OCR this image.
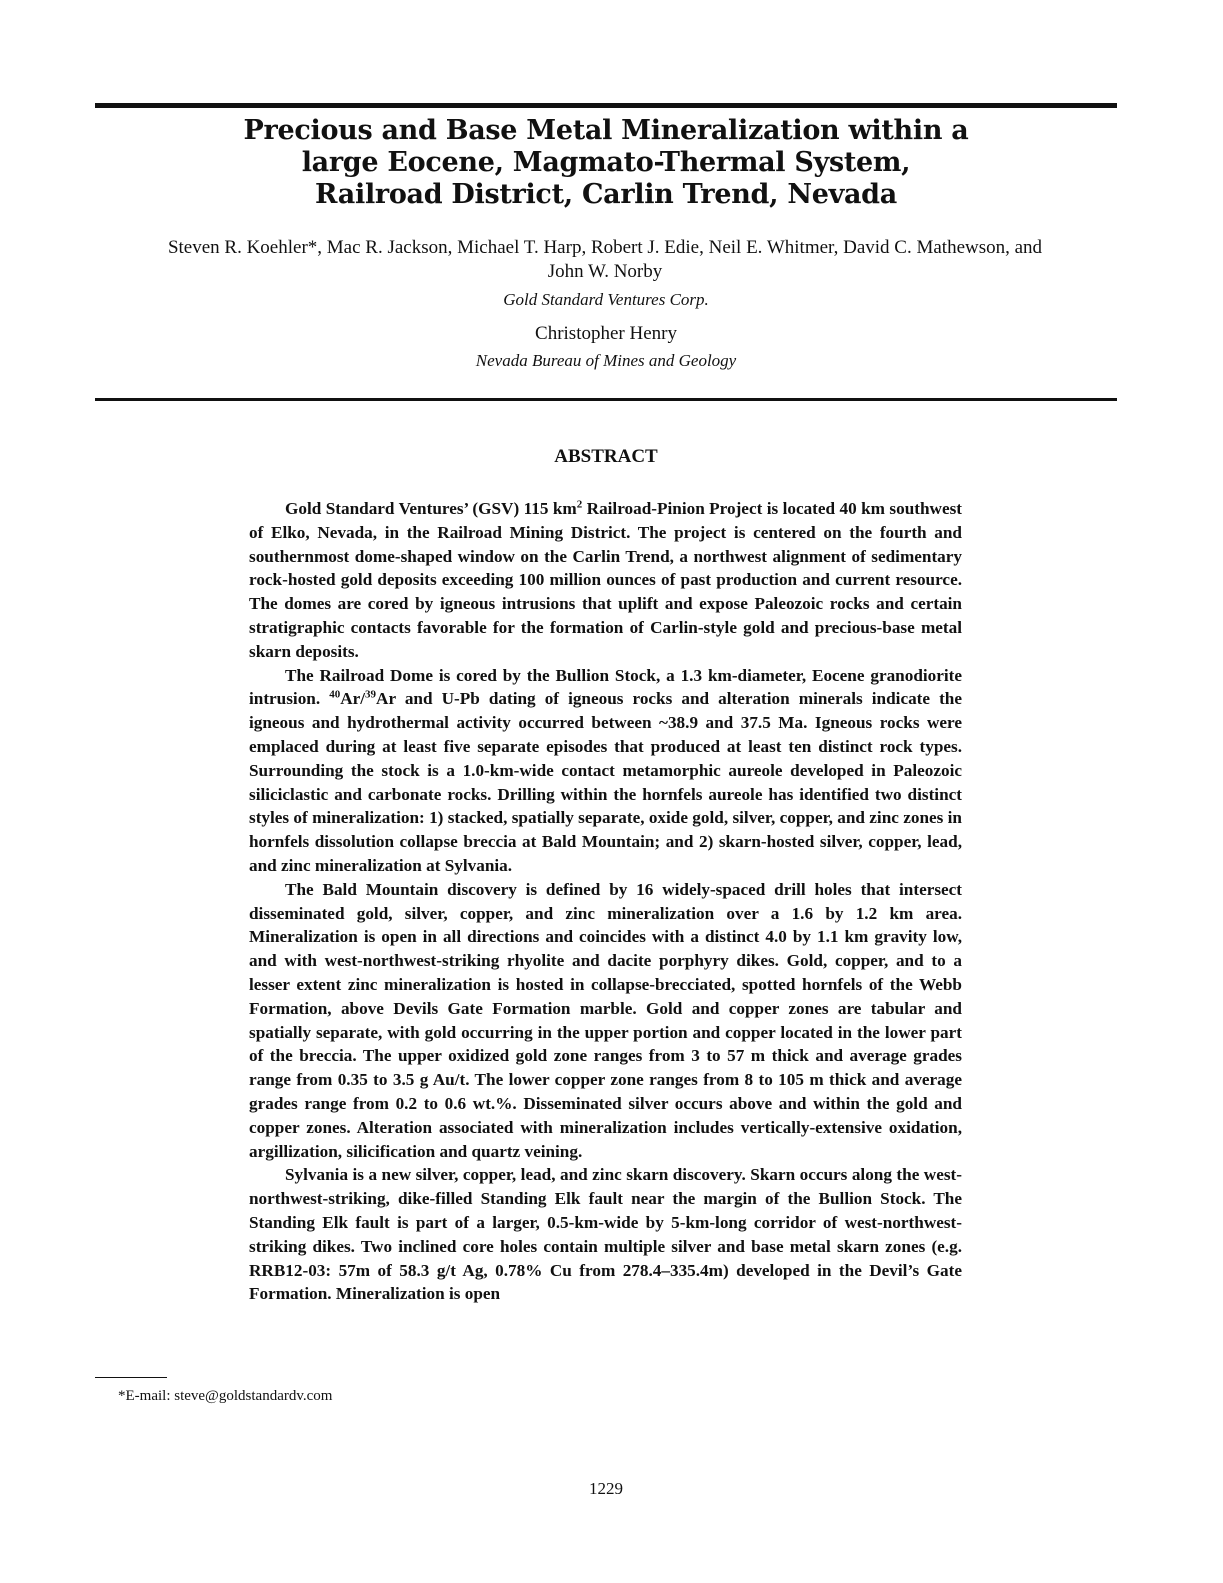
Precious and Base Metal Mineralization within a
large Eocene, Magmato-Thermal System,
Railroad District, Carlin Trend, Nevada

Steven R. Koehler*, Mac R. Jackson, Michael T. Harp, Robert J. Edie, Neil E. Whitmer, David C. Mathewson, and John W. Norby

Gold Standard Ventures Corp.

Christopher Henry

Nevada Bureau of Mines and Geology

ABSTRACT

Gold Standard Ventures’ (GSV) 115 $km^2$ Railroad-Pinion Project is located 40 km southwest of Elko, Nevada, in the Railroad Mining District. The project is centered on the fourth and southernmost dome-shaped window on the Carlin Trend, a northwest alignment of sedimentary rock-hosted gold deposits exceeding 100 million ounces of past production and current resource. The domes are cored by igneous intrusions that uplift and expose Paleozoic rocks and certain stratigraphic contacts favorable for the formation of Carlin-style gold and precious-base metal skarn deposits.

The Railroad Dome is cored by the Bullion Stock, a 1.3 km-diameter, Eocene granodiorite intrusion. $^{40}$Ar/$^{39}$Ar and U-Pb dating of igneous rocks and alteration minerals indicate the igneous and hydrothermal activity occurred between ~38.9 and 37.5 Ma. Igneous rocks were emplaced during at least five separate episodes that produced at least ten distinct rock types. Surrounding the stock is a 1.0-km-wide contact metamorphic aureole developed in Paleozoic siliciclastic and carbonate rocks. Drilling within the hornfels aureole has identified two distinct styles of mineralization: 1) stacked, spatially separate, oxide gold, silver, copper, and zinc zones in hornfels dissolution collapse breccia at Bald Mountain; and 2) skarn-hosted silver, copper, lead, and zinc mineralization at Sylvania.

The Bald Mountain discovery is defined by 16 widely-spaced drill holes that intersect disseminated gold, silver, copper, and zinc mineralization over a 1.6 by 1.2 km area. Mineralization is open in all directions and coincides with a distinct 4.0 by 1.1 km gravity low, and with west-northwest-striking rhyolite and dacite porphyry dikes. Gold, copper, and to a lesser extent zinc mineralization is hosted in collapse-brecciated, spotted hornfels of the Webb Formation, above Devils Gate Formation marble. Gold and copper zones are tabular and spatially separate, with gold occurring in the upper portion and copper located in the lower part of the breccia. The upper oxidized gold zone ranges from 3 to 57 m thick and average grades range from 0.35 to 3.5 g Au/t. The lower copper zone ranges from 8 to 105 m thick and average grades range from 0.2 to 0.6 wt.%. Disseminated silver occurs above and within the gold and copper zones. Alteration associated with mineralization includes vertically-extensive oxidation, argillization, silicification and quartz veining.

Sylvania is a new silver, copper, lead, and zinc skarn discovery. Skarn occurs along the west-northwest-striking, dike-filled Standing Elk fault near the margin of the Bullion Stock. The Standing Elk fault is part of a larger, 0.5-km-wide by 5-km-long corridor of west-northwest-striking dikes. Two inclined core holes contain multiple silver and base metal skarn zones (e.g. RRB12-03: 57m of 58.3 g/t Ag, 0.78% Cu from 278.4–335.4m) developed in the Devil’s Gate Formation. Mineralization is open

*E-mail: steve@goldstandardv.com

1229
